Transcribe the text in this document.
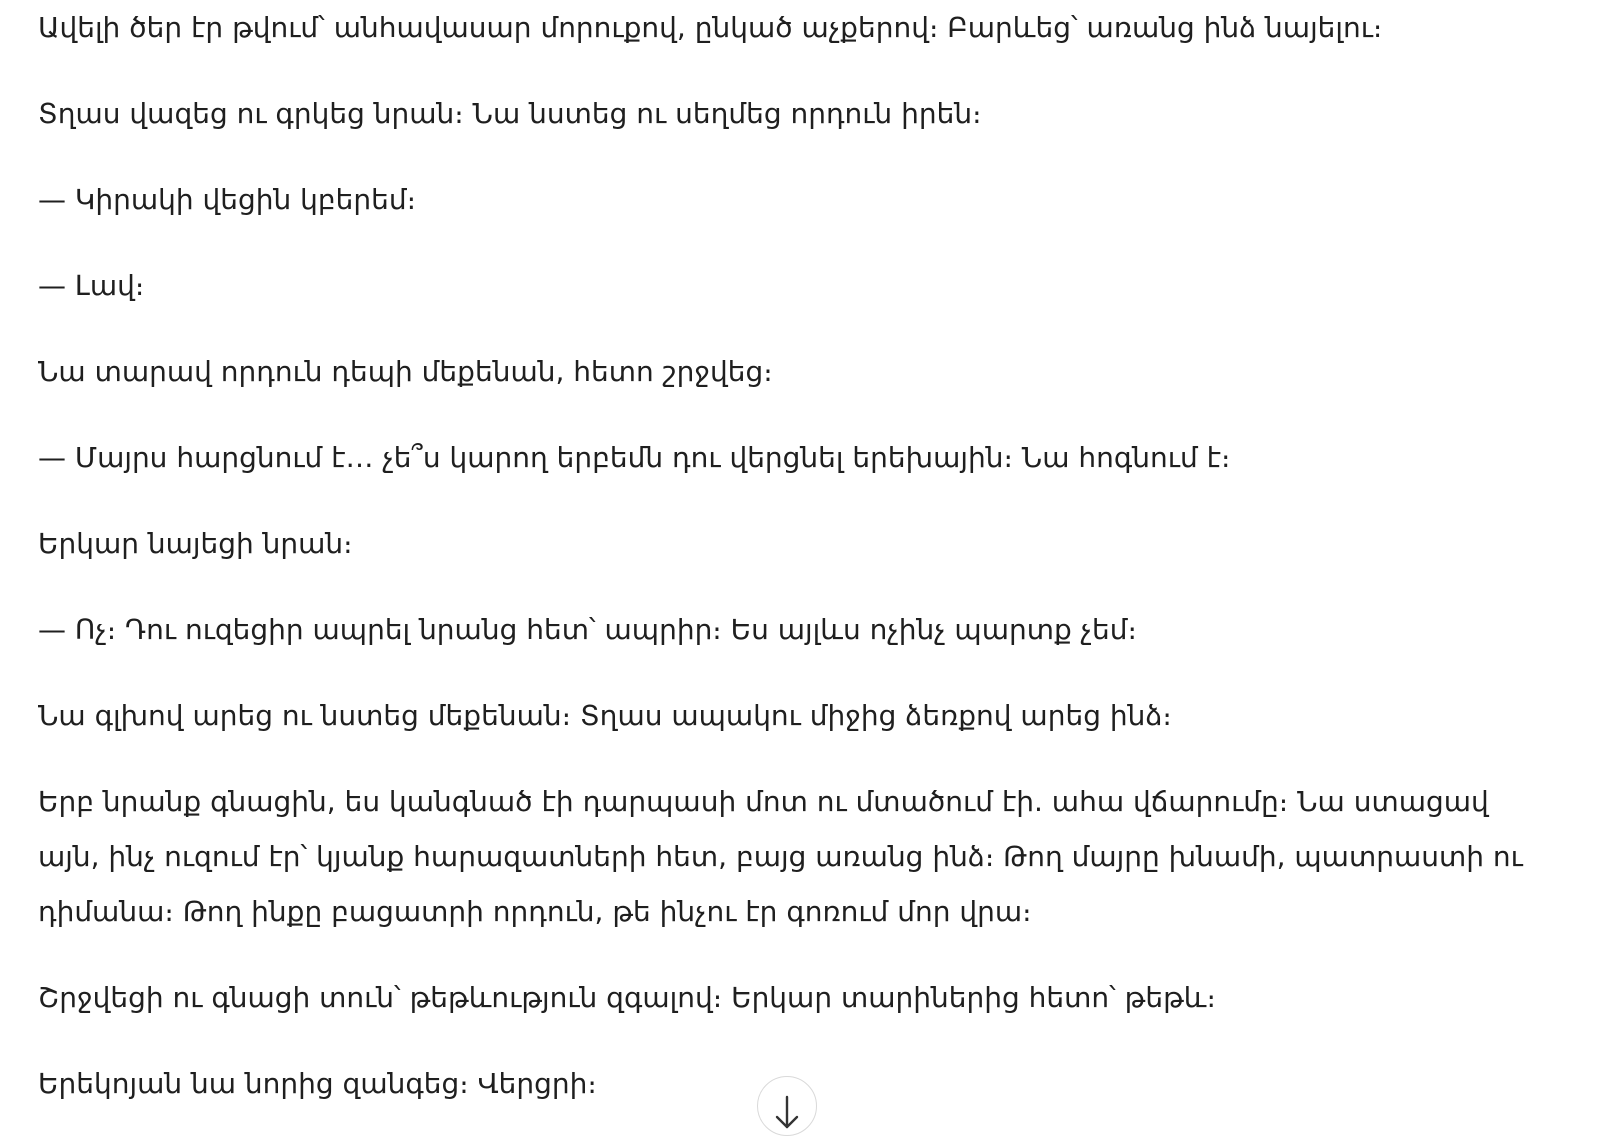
Ավելի ծեր էր թվում՝ անհավասար մորուքով, ընկած աչքերով։ Բարևեց՝ առանց ինձ նայելու։

Տղաս վազեց ու գրկեց նրան։ Նա նստեց ու սեղմեց որդուն իրեն։

— Կիրակի վեցին կբերեմ։

— Լավ։

Նա տարավ որդուն դեպի մեքենան, հետո շրջվեց։

— Մայրս հարցնում է… չե՞ս կարող երբեմն դու վերցնել երեխային։ Նա հոգնում է։

Երկար նայեցի նրան։

— Ոչ։ Դու ուզեցիր ապրել նրանց հետ՝ ապրիր։ Ես այլևս ոչինչ պարտք չեմ։

Նա գլխով արեց ու նստեց մեքենան։ Տղաս ապակու միջից ձեռքով արեց ինձ։

Երբ նրանք գնացին, ես կանգնած էի դարպասի մոտ ու մտածում էի. ահա վճարումը։ Նա ստացավ այն, ինչ ուզում էր՝ կյանք հարազատների հետ, բայց առանց ինձ։ Թող մայրը խնամի, պատրաստի ու դիմանա։ Թող ինքը բացատրի որդուն, թե ինչու էր գոռում մոր վրա։

Շրջվեցի ու գնացի տուն՝ թեթևություն զգալով։ Երկար տարիներից հետո՝ թեթև։

Երեկոյան նա նորից զանգեց։ Վերցրի։
